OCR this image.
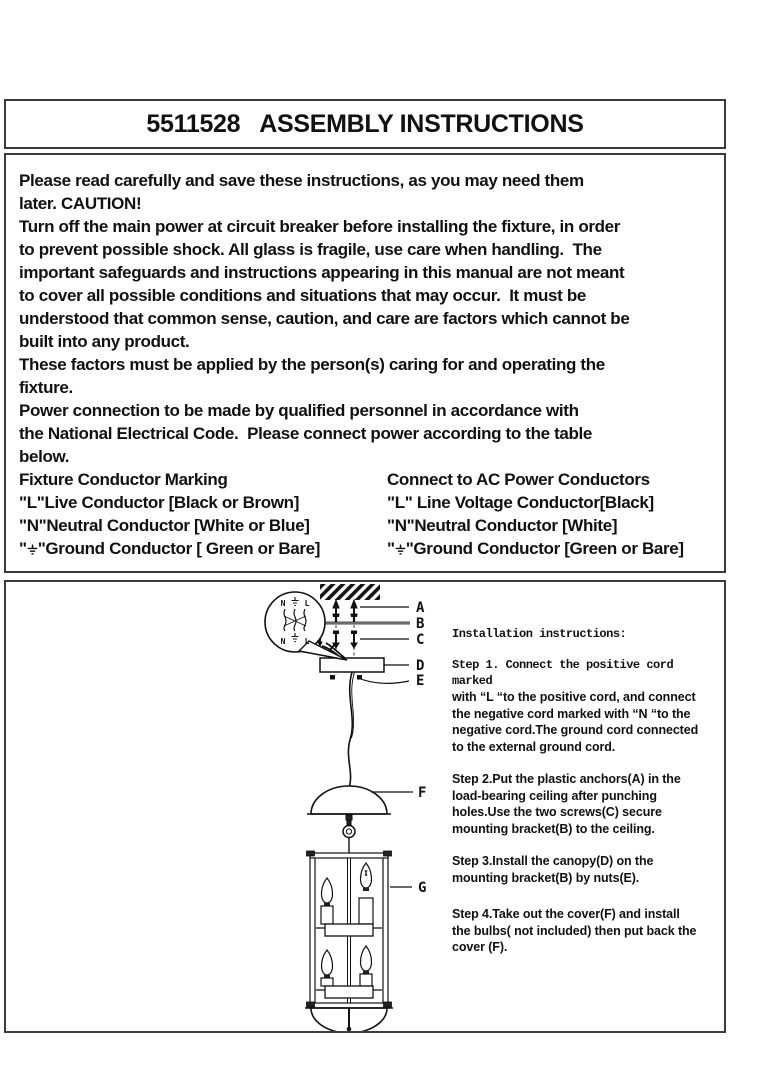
5511528   ASSEMBLY INSTRUCTIONS
Please read carefully and save these instructions, as you may need them
later. CAUTION!
Turn off the main power at circuit breaker before installing the fixture, in order
to prevent possible shock. All glass is fragile, use care when handling.  The
important safeguards and instructions appearing in this manual are not meant
to cover all possible conditions and situations that may occur.  It must be
understood that common sense, caution, and care are factors which cannot be
built into any product.
These factors must be applied by the person(s) caring for and operating the
fixture.
Power connection to be made by qualified personnel in accordance with
the National Electrical Code.  Please connect power according to the table
below.
Fixture Conductor Marking	Connect to AC Power Conductors
"L"Live Conductor [Black or Brown]	"L" Line Voltage Conductor[Black]
"N"Neutral Conductor [White or Blue]	"N"Neutral Conductor [White]
" "Ground Conductor [ Green or Bare]	" "Ground Conductor [Green or Bare]
N L
N L
A
B
C
D
E
F
G
Installation instructions:
Step 1. Connect the positive cord
marked
with “L “to the positive cord, and connect
the negative cord marked with “N “to the
negative cord.The ground cord connected
to the external ground cord.
Step 2.Put the plastic anchors(A) in the
load-bearing ceiling after punching
holes.Use the two screws(C) secure
mounting bracket(B) to the ceiling.
Step 3.Install the canopy(D) on the
mounting bracket(B) by nuts(E).
Step 4.Take out the cover(F) and install
the bulbs( not included) then put back the
cover (F).
